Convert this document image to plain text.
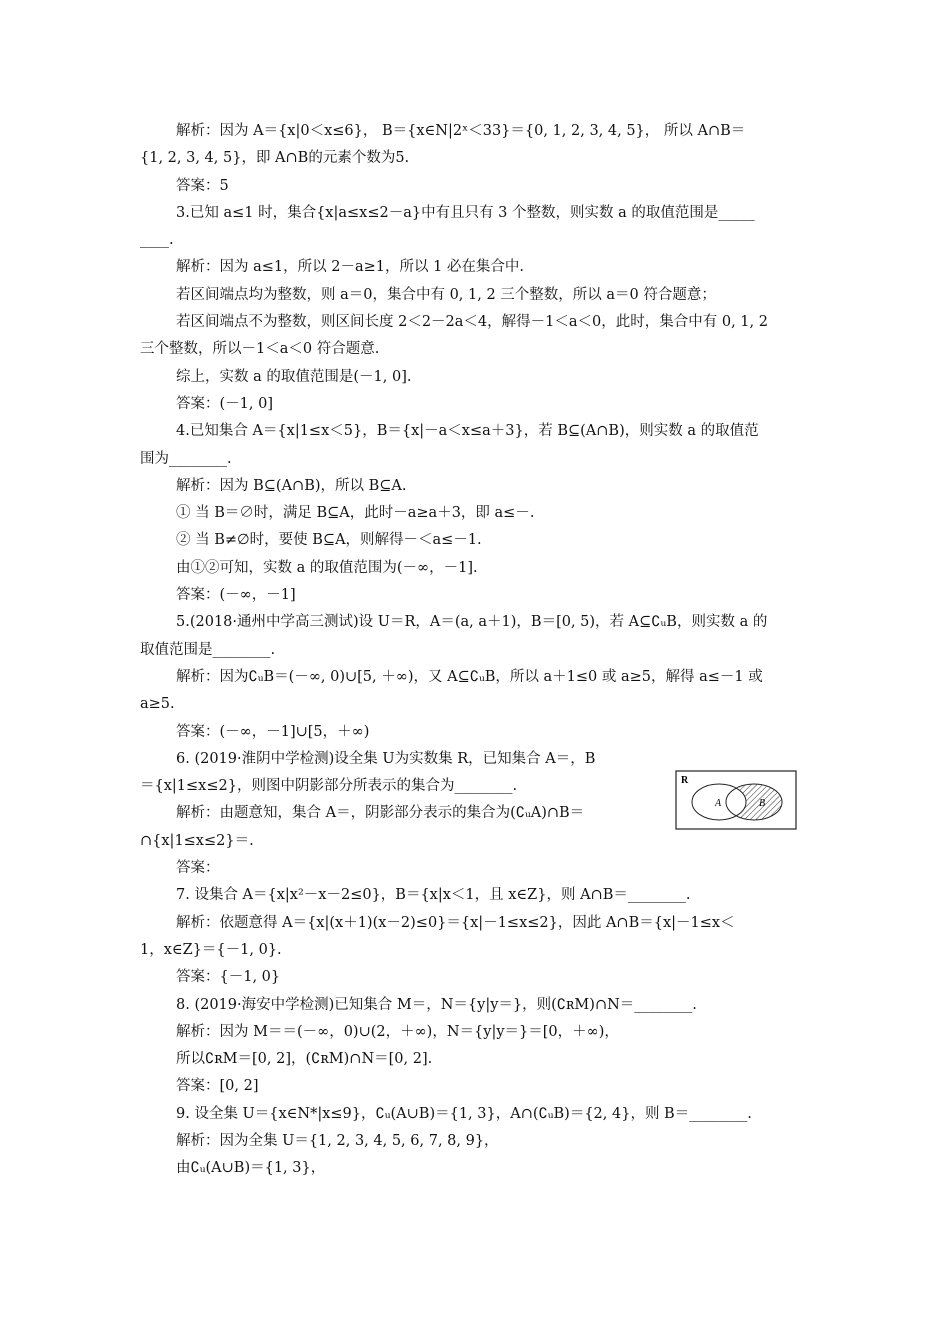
解析：因为 A＝{x|0＜x≤6}， B＝{x∈N|2ˣ＜33}＝{0, 1, 2, 3, 4, 5}， 所以 A∩B＝
{1, 2, 3, 4, 5}，即 A∩B的元素个数为5.
答案：5
3.已知 a≤1 时，集合{x|a≤x≤2－a}中有且只有 3 个整数，则实数 a 的取值范围是_____
____.
解析：因为 a≤1，所以 2－a≥1，所以 1 必在集合中.
若区间端点均为整数，则 a＝0，集合中有 0, 1, 2 三个整数，所以 a＝0 符合题意；
若区间端点不为整数，则区间长度 2＜2－2a＜4，解得－1＜a＜0，此时，集合中有 0, 1, 2
三个整数，所以－1＜a＜0 符合题意.
综上，实数 a 的取值范围是(－1, 0].
答案：(－1, 0]
4.已知集合 A＝{x|1≤x＜5}，B＝{x|－a＜x≤a＋3}，若 B⊆(A∩B)，则实数 a 的取值范
围为________.
解析：因为 B⊆(A∩B)，所以 B⊆A.
① 当 B＝∅时，满足 B⊆A，此时－a≥a＋3，即 a≤－.
② 当 B≠∅时，要使 B⊆A，则解得－＜a≤－1.
由①②可知，实数 a 的取值范围为(－∞，－1].
答案：(－∞，－1]
5.(2018·通州中学高三测试)设 U＝R，A＝(a, a＋1)，B＝[0, 5)，若 A⊆∁ᵤB，则实数 a 的
取值范围是________.
解析：因为∁ᵤB＝(－∞, 0)∪[5, ＋∞)，又 A⊆∁ᵤB，所以 a＋1≤0 或 a≥5，解得 a≤－1 或
a≥5.
答案：(－∞，－1]∪[5，＋∞)
6. (2019·淮阴中学检测)设全集 U为实数集 R，已知集合 A＝，B
＝{x|1≤x≤2}，则图中阴影部分所表示的集合为________.
解析：由题意知，集合 A＝，阴影部分表示的集合为(∁ᵤA)∩B＝
∩{x|1≤x≤2}＝.
答案：
7. 设集合 A＝{x|x²－x－2≤0}，B＝{x|x＜1，且 x∈Z}，则 A∩B＝________.
解析：依题意得 A＝{x|(x＋1)(x－2)≤0}＝{x|－1≤x≤2}，因此 A∩B＝{x|－1≤x＜
1，x∈Z}＝{－1, 0}.
答案：{－1, 0}
8. (2019·海安中学检测)已知集合 M＝，N＝{y|y＝}，则(∁ʀM)∩N＝________.
解析：因为 M＝＝(－∞，0)∪(2，＋∞)，N＝{y|y＝}＝[0，＋∞)，
所以∁ʀM＝[0, 2]，(∁ʀM)∩N＝[0, 2].
答案：[0, 2]
9. 设全集 U＝{x∈N*|x≤9}，∁ᵤ(A∪B)＝{1, 3}，A∩(∁ᵤB)＝{2, 4}，则 B＝________.
解析：因为全集 U＝{1, 2, 3, 4, 5, 6, 7, 8, 9}，
由∁ᵤ(A∪B)＝{1, 3}，
R
A	B
